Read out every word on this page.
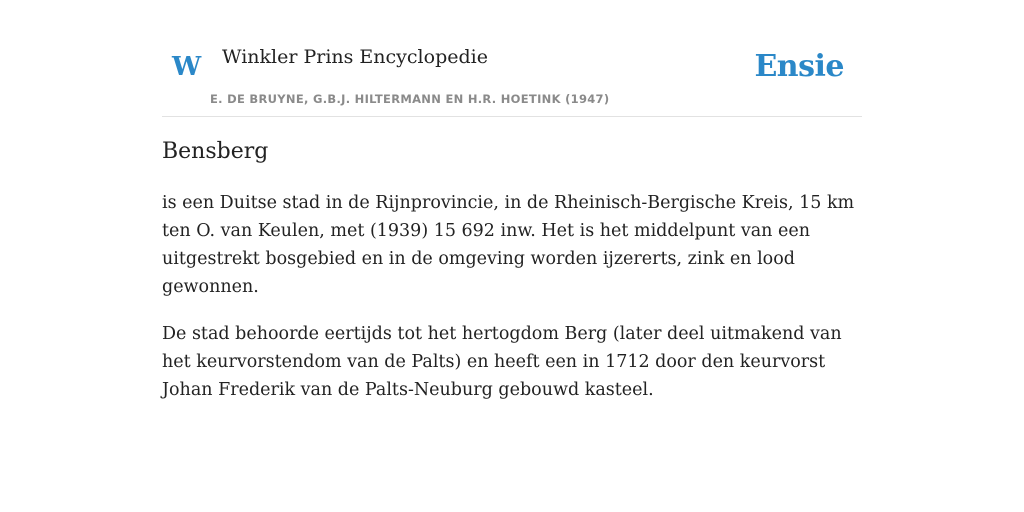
W Winkler Prins Encyclopedie
E. DE BRUYNE, G.B.J. HILTERMANN EN H.R. HOETINK (1947)
Ensie
Bensberg

is een Duitse stad in de Rijnprovincie, in de Rheinisch-Bergische Kreis, 15 km ten O. van Keulen, met (1939) 15 692 inw. Het is het middelpunt van een uitgestrekt bosgebied en in de omgeving worden ijzererts, zink en lood gewonnen.

De stad behoorde eertijds tot het hertogdom Berg (later deel uitmakend van het keurvorstendom van de Palts) en heeft een in 1712 door den keurvorst Johan Frederik van de Palts-Neuburg gebouwd kasteel.
